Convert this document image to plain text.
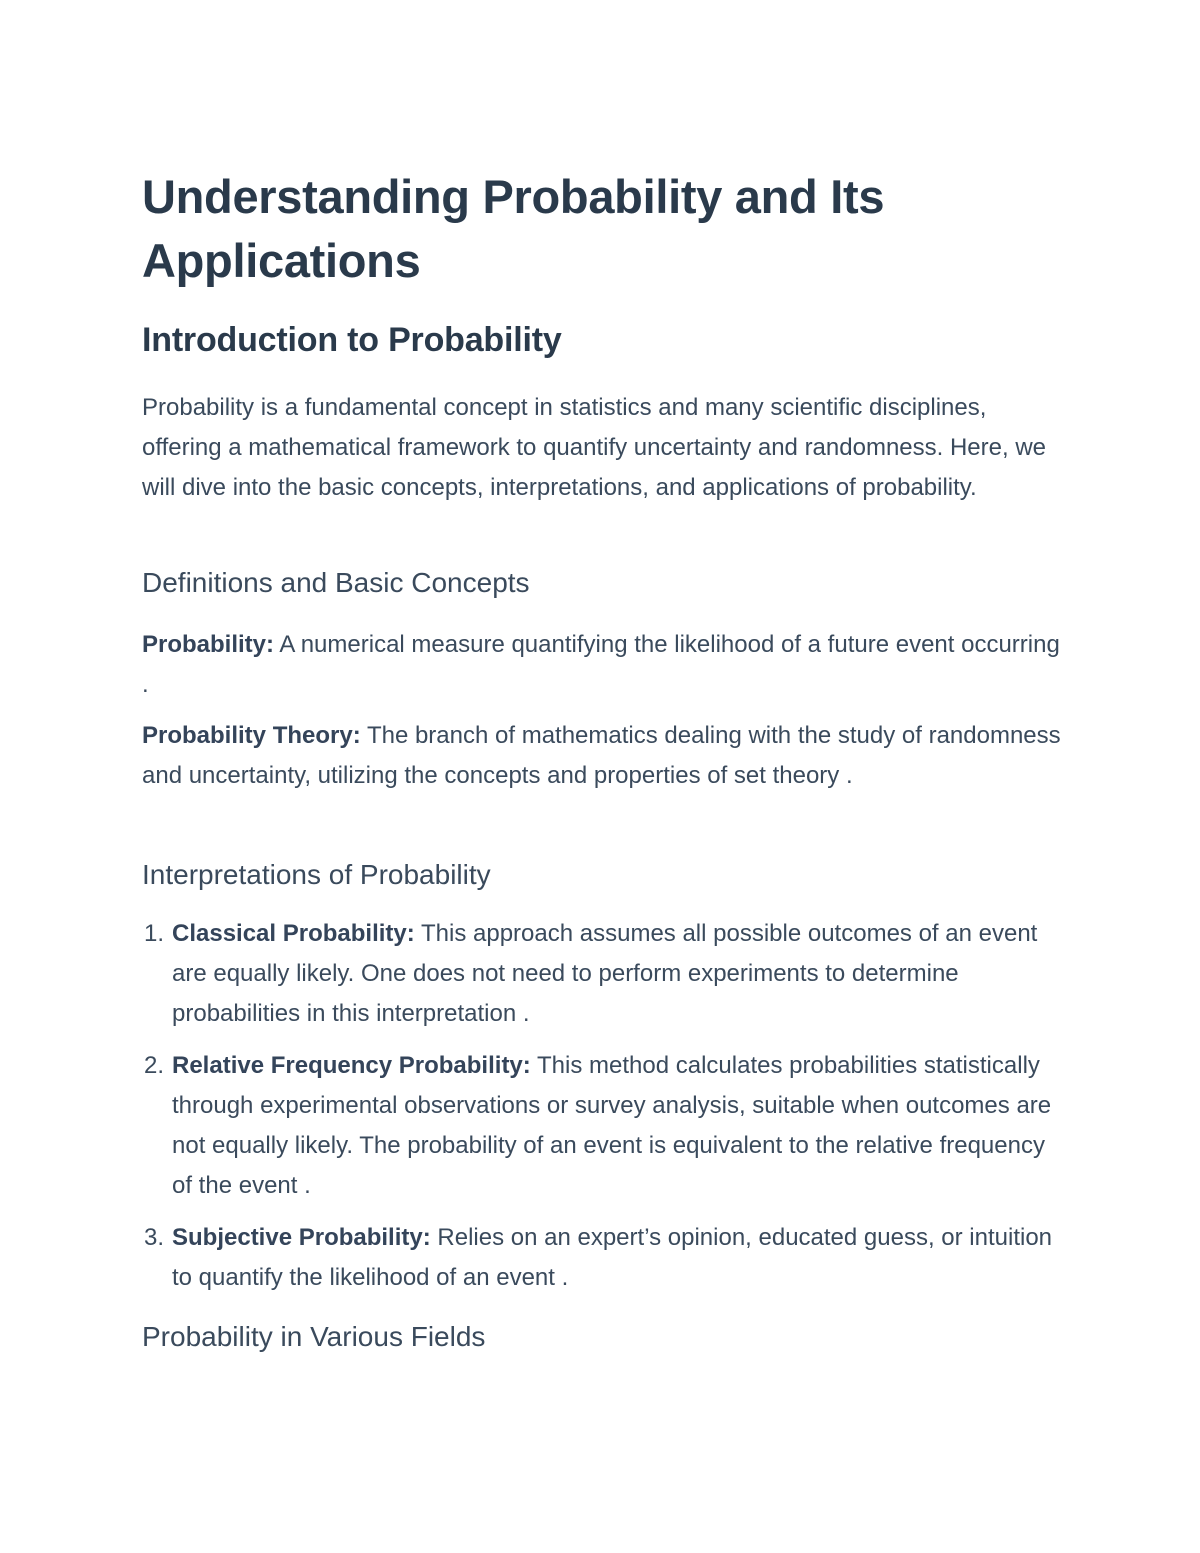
Understanding Probability and Its Applications
Introduction to Probability

Probability is a fundamental concept in statistics and many scientific disciplines, offering a mathematical framework to quantify uncertainty and randomness. Here, we will dive into the basic concepts, interpretations, and applications of probability.

Definitions and Basic Concepts

Probability: A numerical measure quantifying the likelihood of a future event occurring .

Probability Theory: The branch of mathematics dealing with the study of randomness and uncertainty, utilizing the concepts and properties of set theory .

Interpretations of Probability
1. Classical Probability: This approach assumes all possible outcomes of an event are equally likely. One does not need to perform experiments to determine probabilities in this interpretation .
2. Relative Frequency Probability: This method calculates probabilities statistically through experimental observations or survey analysis, suitable when outcomes are not equally likely. The probability of an event is equivalent to the relative frequency of the event .
3. Subjective Probability: Relies on an expert’s opinion, educated guess, or intuition to quantify the likelihood of an event .
Probability in Various Fields
